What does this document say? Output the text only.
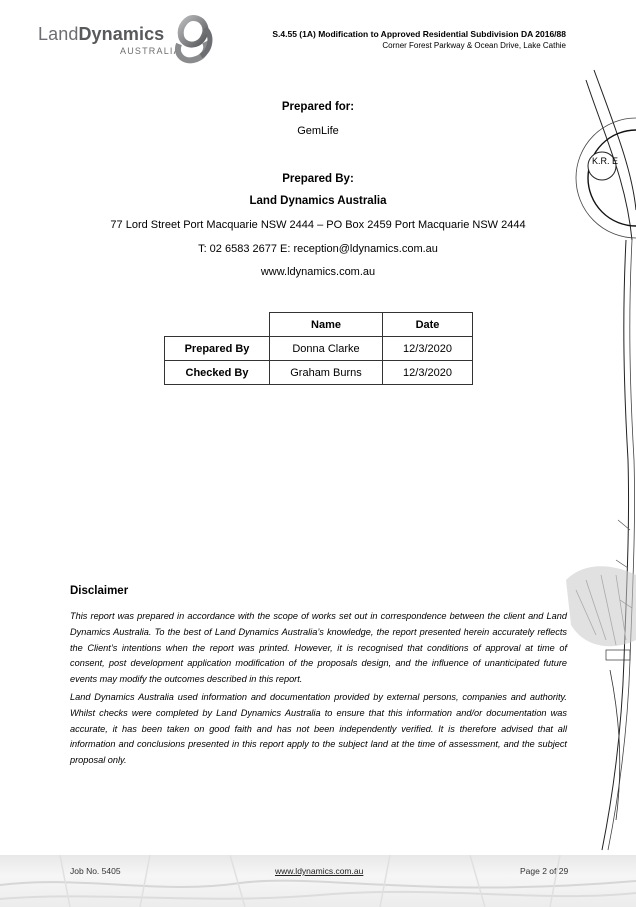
LandDynamics
AUSTRALIA
S.4.55 (1A) Modification to Approved Residential Subdivision DA 2016/88
Corner Forest Parkway & Ocean Drive, Lake Cathie
K.R. E
Prepared for:
GemLife
Prepared By:
Land Dynamics Australia
77 Lord Street Port Macquarie NSW 2444 – PO Box 2459 Port Macquarie NSW 2444
T: 02 6583 2677 E: reception@ldynamics.com.au
www.ldynamics.com.au
	Name	Date
Prepared By	Donna Clarke	12/3/2020
Checked By	Graham Burns	12/3/2020
Disclaimer
This report was prepared in accordance with the scope of works set out in correspondence between the client and Land Dynamics Australia. To the best of Land Dynamics Australia’s knowledge, the report presented herein accurately reflects the Client’s intentions when the report was printed. However, it is recognised that conditions of approval at time of consent, post development application modification of the proposals design, and the influence of unanticipated future events may modify the outcomes described in this report.
Land Dynamics Australia used information and documentation provided by external persons, companies and authority. Whilst checks were completed by Land Dynamics Australia to ensure that this information and/or documentation was accurate, it has been taken on good faith and has not been independently verified. It is therefore advised that all information and conclusions presented in this report apply to the subject land at the time of assessment, and the subject proposal only.
Job No. 5405	www.ldynamics.com.au	Page 2 of 29
